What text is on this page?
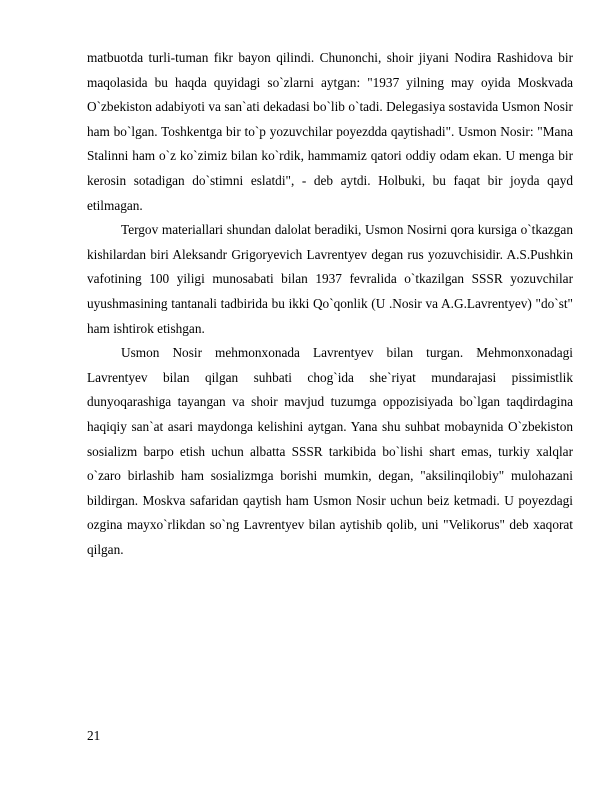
matbuotda turli-tuman fikr bayon qilindi. Chunonchi, shoir jiyani Nodira Rashidova bir maqolasida bu haqda quyidagi so`zlarni aytgan: "1937 yilning may oyida Moskvada O`zbekiston adabiyoti va san`ati dekadasi bo`lib o`tadi. Delegasiya sostavida Usmon Nosir ham bo`lgan. Toshkentga bir to`p yozuvchilar poyezdda qaytishadi". Usmon Nosir: "Mana Stalinni ham o`z ko`zimiz bilan ko`rdik, hammamiz qatori oddiy odam ekan. U menga bir kerosin sotadigan do`stimni eslatdi", - deb aytdi. Holbuki, bu faqat bir joyda qayd etilmagan.

Tergov materiallari shundan dalolat beradiki, Usmon Nosirni qora kursiga o`tkazgan kishilardan biri Aleksandr Grigoryevich Lavrentyev degan rus yozuvchisidir. A.S.Pushkin vafotining 100 yiligi munosabati bilan 1937 fevralida o`tkazilgan SSSR yozuvchilar uyushmasining tantanali tadbirida bu ikki Qo`qonlik (U .Nosir va A.G.Lavrentyev) "do`st" ham ishtirok etishgan.

Usmon Nosir mehmonxonada Lavrentyev bilan turgan. Mehmonxonadagi Lavrentyev bilan qilgan suhbati chog`ida she`riyat mundarajasi pissimistlik dunyoqarashiga tayangan va shoir mavjud tuzumga oppozisiyada bo`lgan taqdirdagina haqiqiy san`at asari maydonga kelishini aytgan. Yana shu suhbat mobaynida O`zbekiston sosializm barpo etish uchun albatta SSSR tarkibida bo`lishi shart emas, turkiy xalqlar o`zaro birlashib ham sosializmga borishi mumkin, degan, "aksilinqilobiy" mulohazani bildirgan. Moskva safaridan qaytish ham Usmon Nosir uchun beiz ketmadi. U poyezdagi ozgina mayxo`rlikdan so`ng Lavrentyev bilan aytishib qolib, uni "Velikorus" deb xaqorat qilgan.

21
